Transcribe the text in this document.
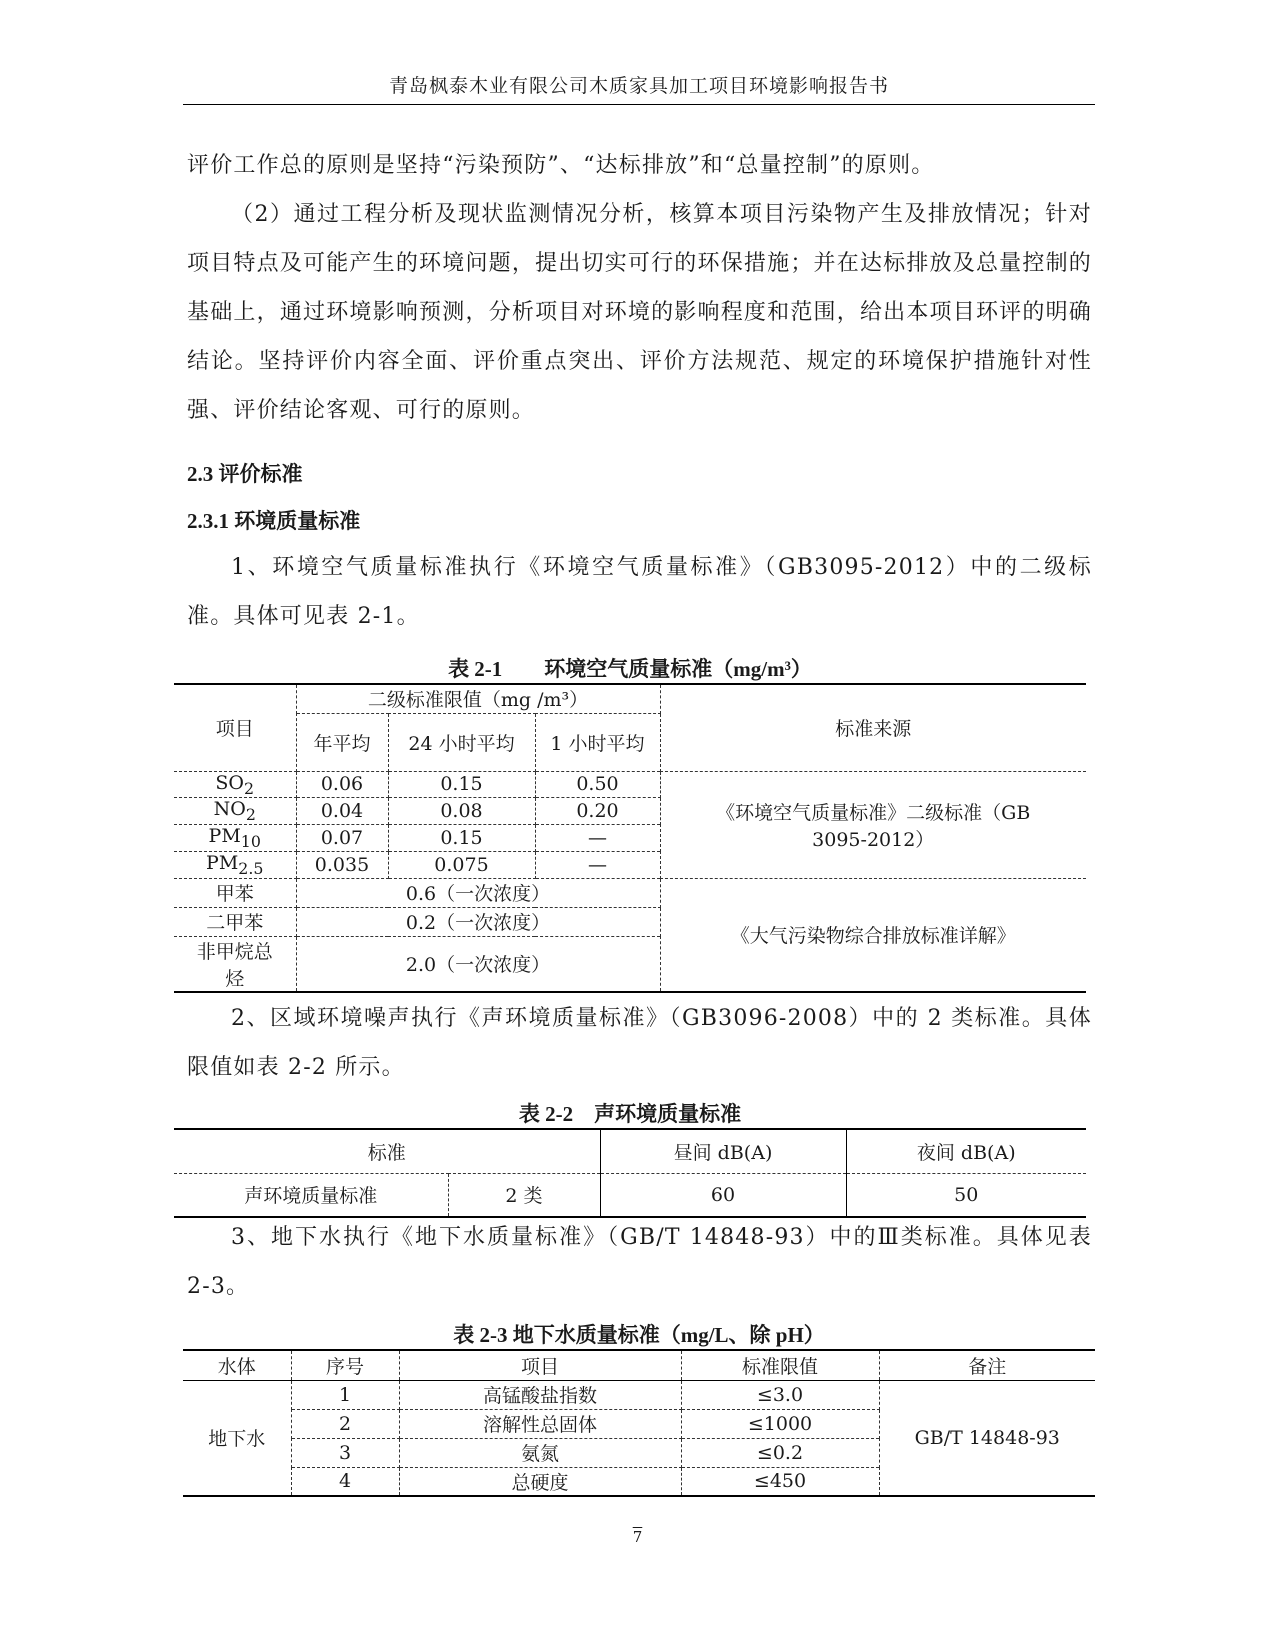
青岛枫泰木业有限公司木质家具加工项目环境影响报告书
评价工作总的原则是坚持“污染预防”、“达标排放”和“总量控制”的原则。
（2）通过工程分析及现状监测情况分析，核算本项目污染物产生及排放情况；针对项目特点及可能产生的环境问题，提出切实可行的环保措施；并在达标排放及总量控制的基础上，通过环境影响预测，分析项目对环境的影响程度和范围，给出本项目环评的明确结论。坚持评价内容全面、评价重点突出、评价方法规范、规定的环境保护措施针对性强、评价结论客观、可行的原则。
2.3 评价标准
2.3.1 环境质量标准
1、环境空气质量标准执行《环境空气质量标准》（GB3095-2012）中的二级标准。具体可见表 2-1。
表 2-1　　环境空气质量标准（mg/m³）
项目	二级标准限值（mg /m³）			标准来源
	年平均	24 小时平均	1 小时平均	
$SO_2$	0.06	0.15	0.50	《环境空气质量标准》二级标准（GB 3095-2012）
$NO_2$	0.04	0.08	0.20	
$PM_{10}$	0.07	0.15	—	
$PM_{2.5}$	0.035	0.075	—	
甲苯	0.6（一次浓度）			《大气污染物综合排放标准详解》
二甲苯	0.2（一次浓度）			
非甲烷总烃	2.0（一次浓度）			
2、区域环境噪声执行《声环境质量标准》（GB3096-2008）中的 2 类标准。具体限值如表 2-2 所示。
表 2-2　声环境质量标准
标准		昼间 dB(A)	夜间 dB(A)
声环境质量标准	2 类	60	50
3、地下水执行《地下水质量标准》（GB/T 14848-93）中的Ⅲ类标准。具体见表 2-3。
表 2-3 地下水质量标准（mg/L、除 pH）
水体	序号	项目	标准限值	备注
地下水	1	高锰酸盐指数	≤3.0	GB/T 14848-93
	2	溶解性总固体	≤1000	
	3	氨氮	≤0.2	
	4	总硬度	≤450	
7
